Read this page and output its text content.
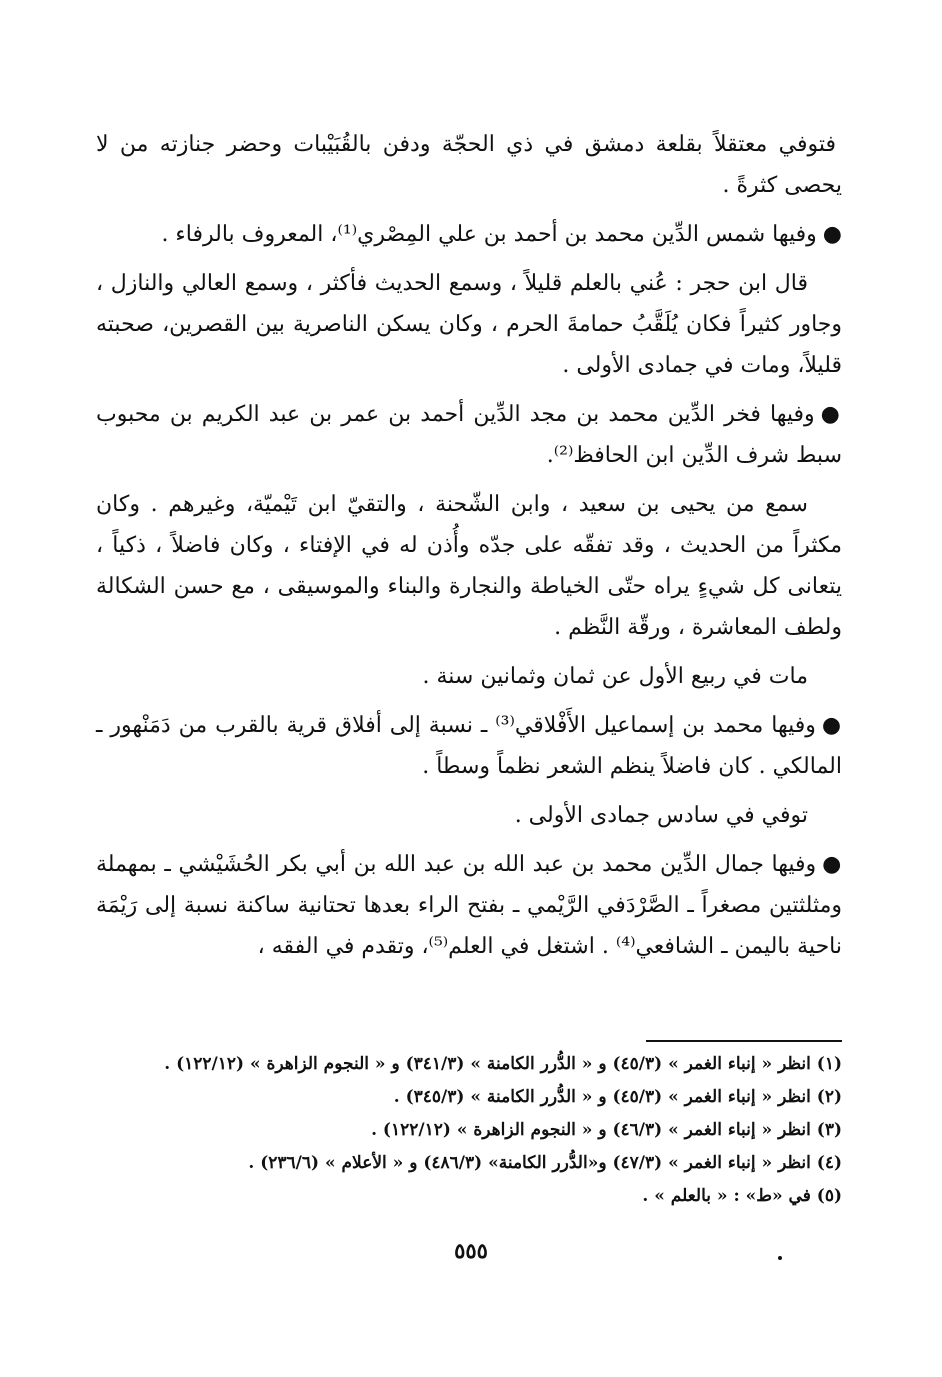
فتوفي معتقلاً بقلعة دمشق في ذي الحجّة ودفن بالقُبَيْبات وحضر جنازته من لا يحصى كثرةً .

●وفيها شمس الدِّين محمد بن أحمد بن علي المِصْري⁽¹⁾، المعروف بالرفاء .

قال ابن حجر : عُني بالعلم قليلاً ، وسمع الحديث فأكثر ، وسمع العالي والنازل ، وجاور كثيراً فكان يُلَقَّبُ حمامةَ الحرم ، وكان يسكن الناصرية بين القصرين، صحبته قليلاً، ومات في جمادى الأولى .

●وفيها فخر الدِّين محمد بن مجد الدِّين أحمد بن عمر بن عبد الكريم بن محبوب سبط شرف الدِّين ابن الحافظ⁽²⁾.

سمع من يحيى بن سعيد ، وابن الشّحنة ، والتقيّ ابن تَيْميّة، وغيرهم . وكان مكثراً من الحديث ، وقد تفقّه على جدّه وأُذن له في الإفتاء ، وكان فاضلاً ، ذكياً ، يتعانى كل شيءٍ يراه حتّى الخياطة والنجارة والبناء والموسيقى ، مع حسن الشكالة ولطف المعاشرة ، ورقّة النَّظم .

مات في ربيع الأول عن ثمان وثمانين سنة .

●وفيها محمد بن إسماعيل الأَفْلاقي⁽³⁾ ـ نسبة إلى أفلاق قرية بالقرب من دَمَنْهور ـ المالكي . كان فاضلاً ينظم الشعر نظماً وسطاً .

توفي في سادس جمادى الأولى .

●وفيها جمال الدِّين محمد بن عبد الله بن عبد الله بن أبي بكر الحُشَيْشي ـ بمهملة ومثلثتين مصغراً ـ الصَّرْدَفي الرَّيْمي ـ بفتح الراء بعدها تحتانية ساكنة نسبة إلى رَيْمَة ناحية باليمن ـ الشافعي⁽⁴⁾ . اشتغل في العلم⁽⁵⁾، وتقدم في الفقه ،

(١) انظر « إنباء الغمر » (٤٥/٣) و « الدُّرر الكامنة » (٣٤١/٣) و « النجوم الزاهرة » (١٢٢/١٢) .

(٢) انظر « إنباء الغمر » (٤٥/٣) و « الدُّرر الكامنة » (٣٤٥/٣) .

(٣) انظر « إنباء الغمر » (٤٦/٣) و « النجوم الزاهرة » (١٢٢/١٢) .

(٤) انظر « إنباء الغمر » (٤٧/٣) و«الدُّرر الكامنة» (٤٨٦/٣) و « الأعلام » (٢٣٦/٦) .

(٥) في «ط» : « بالعلم » .

٥٥٥
